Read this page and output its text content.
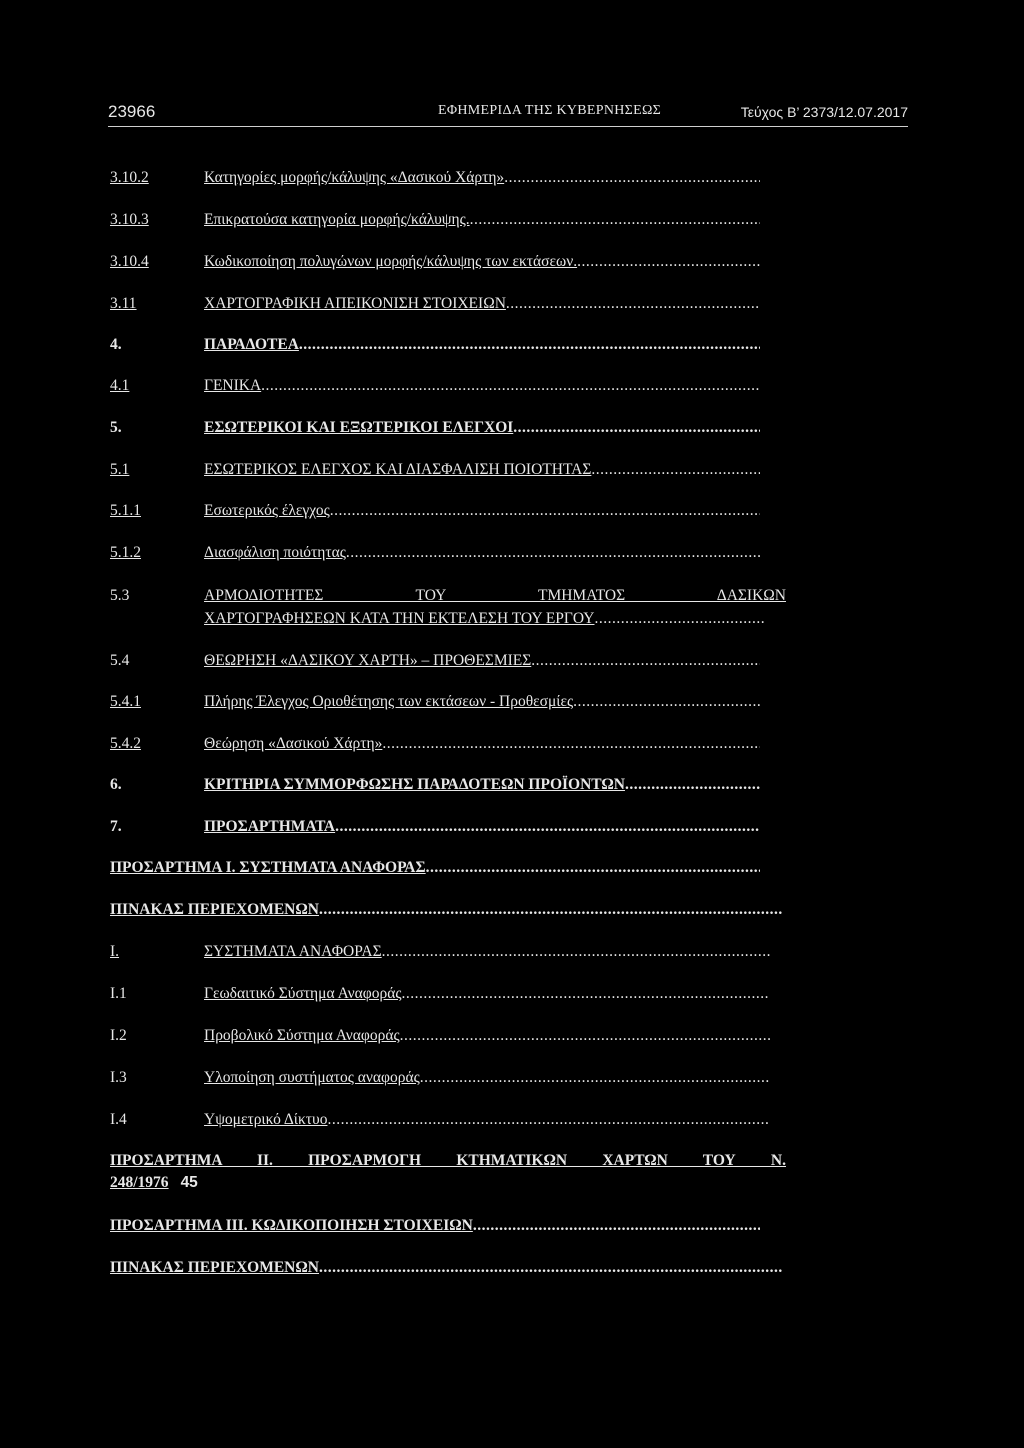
23966	ΕΦΗΜΕΡΙΔΑ ΤΗΣ ΚΥΒΕΡΝΗΣΕΩΣ	Τεύχος Β’ 2373/12.07.2017
3.10.2	Κατηγορίες μορφής/κάλυψης «Δασικού Χάρτη»
.....
3.10.3	Επικρατούσα κατηγορία μορφής/κάλυψης.
.....
3.10.4	Κωδικοποίηση πολυγώνων μορφής/κάλυψης των εκτάσεων.
.....
3.11	ΧΑΡΤΟΓΡΑΦΙΚΗ ΑΠΕΙΚΟΝΙΣΗ ΣΤΟΙΧΕΙΩΝ
.....
4.	ΠΑΡΑΔΟΤΕΑ
.....
4.1	ΓΕΝΙΚΑ
.....
5.	ΕΣΩΤΕΡΙΚΟΙ ΚΑΙ ΕΞΩΤΕΡΙΚΟΙ ΕΛΕΓΧΟΙ
.....
5.1	ΕΣΩΤΕΡΙΚΟΣ ΕΛΕΓΧΟΣ ΚΑΙ ΔΙΑΣΦΑΛΙΣΗ ΠΟΙΟΤΗΤΑΣ
.....
5.1.1	Εσωτερικός έλεγχος
.....
5.1.2	Διασφάλιση ποιότητας
.....
5.3	ΑΡΜΟΔΙΟΤΗΤΕΣ ΤΟΥ ΤΜΗΜΑΤΟΣ ΔΑΣΙΚΩΝ
ΧΑΡΤΟΓΡΑΦΗΣΕΩΝ ΚΑΤΑ ΤΗΝ ΕΚΤΕΛΕΣΗ ΤΟΥ ΕΡΓΟΥ
.....
5.4	ΘΕΩΡΗΣΗ «ΔΑΣΙΚΟΥ ΧΑΡΤΗ» – ΠΡΟΘΕΣΜΙΕΣ
.....
5.4.1	Πλήρης Έλεγχος Οριοθέτησης των εκτάσεων - Προθεσμίες
.....
5.4.2	Θεώρηση «Δασικού Χάρτη»
.....
6.	ΚΡΙΤΗΡΙΑ ΣΥΜΜΟΡΦΩΣΗΣ ΠΑΡΑΔΟΤΕΩΝ ΠΡΟΪΟΝΤΩΝ
.....
7.	ΠΡΟΣΑΡΤΗΜΑΤΑ
.....
ΠΡΟΣΑΡΤΗΜΑ Ι. ΣΥΣΤΗΜΑΤΑ ΑΝΑΦΟΡΑΣ
.....
ΠΙΝΑΚΑΣ ΠΕΡΙΕΧΟΜΕΝΩΝ
.....
Ι.	ΣΥΣΤΗΜΑΤΑ ΑΝΑΦΟΡΑΣ
.....
Ι.1	Γεωδαιτικό Σύστημα Αναφοράς
.....
Ι.2	Προβολικό Σύστημα Αναφοράς
.....
Ι.3	Υλοποίηση συστήματος αναφοράς
.....
Ι.4	Υψομετρικό Δίκτυο
.....
ΠΡΟΣΑΡΤΗΜΑ ΙΙ. ΠΡΟΣΑΡΜΟΓΗ ΚΤΗΜΑΤΙΚΩΝ ΧΑΡΤΩΝ ΤΟΥ Ν.
248/1976 45
ΠΡΟΣΑΡΤΗΜΑ ΙΙΙ. ΚΩΔΙΚΟΠΟΙΗΣΗ ΣΤΟΙΧΕΙΩΝ
.....
ΠΙΝΑΚΑΣ ΠΕΡΙΕΧΟΜΕΝΩΝ
.....
